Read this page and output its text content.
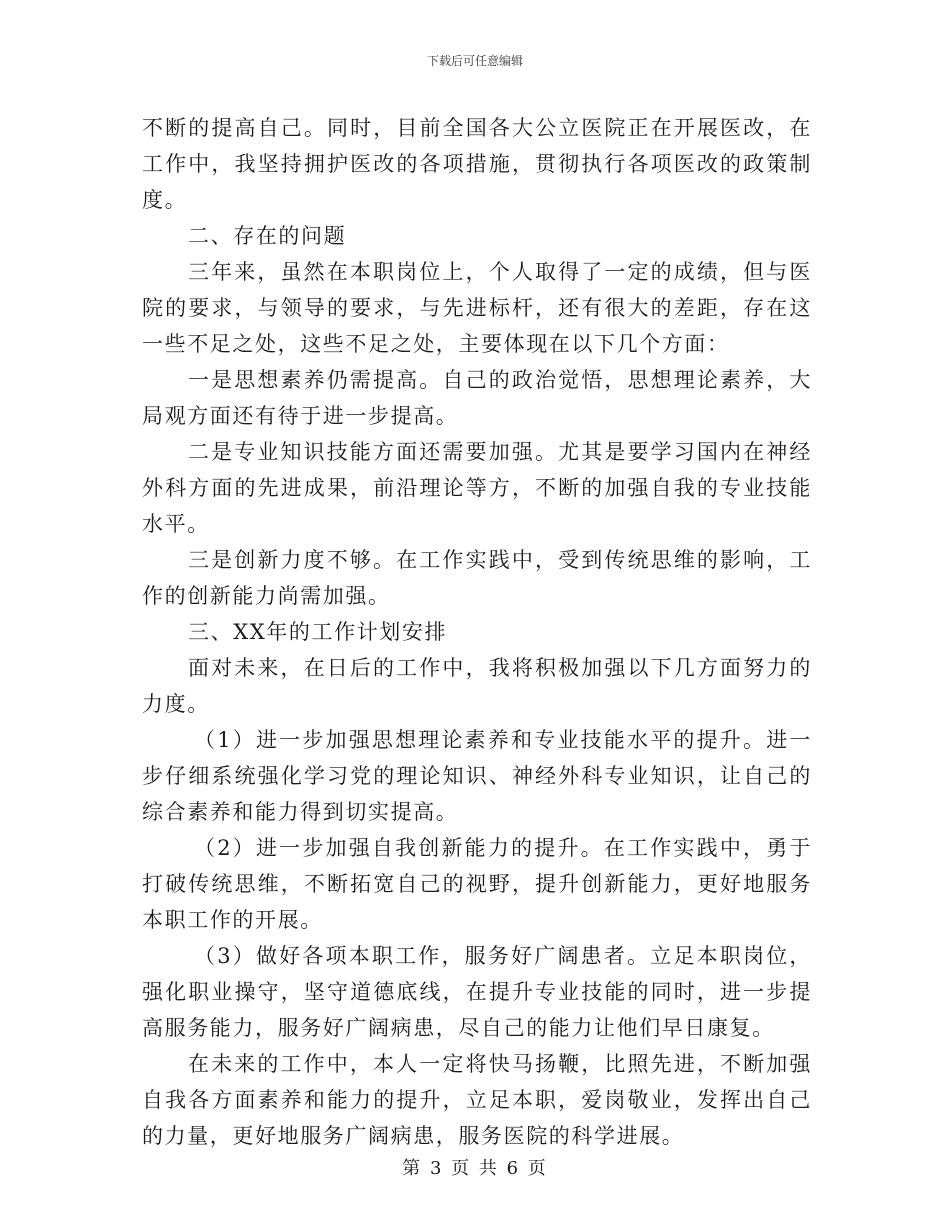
下载后可任意编辑

不断的提高自己。同时，目前全国各大公立医院正在开展医改，在工作中，我坚持拥护医改的各项措施，贯彻执行各项医改的政策制度。

二、存在的问题

三年来，虽然在本职岗位上，个人取得了一定的成绩，但与医院的要求，与领导的要求，与先进标杆，还有很大的差距，存在这一些不足之处，这些不足之处，主要体现在以下几个方面：

一是思想素养仍需提高。自己的政治觉悟，思想理论素养，大局观方面还有待于进一步提高。

二是专业知识技能方面还需要加强。尤其是要学习国内在神经外科方面的先进成果，前沿理论等方，不断的加强自我的专业技能水平。

三是创新力度不够。在工作实践中，受到传统思维的影响，工作的创新能力尚需加强。

三、XX年的工作计划安排

面对未来，在日后的工作中，我将积极加强以下几方面努力的力度。

（1）进一步加强思想理论素养和专业技能水平的提升。进一步仔细系统强化学习党的理论知识、神经外科专业知识，让自己的综合素养和能力得到切实提高。

（2）进一步加强自我创新能力的提升。在工作实践中，勇于打破传统思维，不断拓宽自己的视野，提升创新能力，更好地服务本职工作的开展。

（3）做好各项本职工作，服务好广阔患者。立足本职岗位，强化职业操守，坚守道德底线，在提升专业技能的同时，进一步提高服务能力，服务好广阔病患，尽自己的能力让他们早日康复。

在未来的工作中，本人一定将快马扬鞭，比照先进，不断加强自我各方面素养和能力的提升，立足本职，爱岗敬业，发挥出自己的力量，更好地服务广阔病患，服务医院的科学进展。

第 3 页 共 6 页
